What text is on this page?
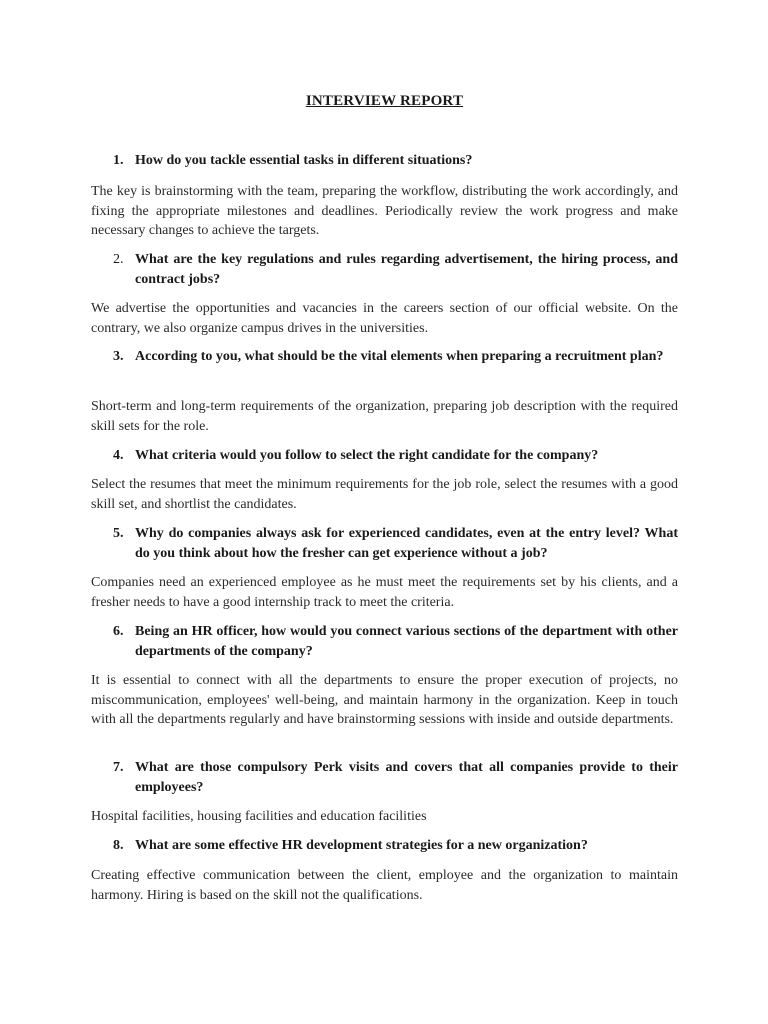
INTERVIEW REPORT
1. How do you tackle essential tasks in different situations?
The key is brainstorming with the team, preparing the workflow, distributing the work accordingly, and fixing the appropriate milestones and deadlines. Periodically review the work progress and make necessary changes to achieve the targets.
2. What are the key regulations and rules regarding advertisement, the hiring process, and contract jobs?
We advertise the opportunities and vacancies in the careers section of our official website. On the contrary, we also organize campus drives in the universities.
3. According to you, what should be the vital elements when preparing a recruitment plan?
Short-term and long-term requirements of the organization, preparing job description with the required skill sets for the role.
4. What criteria would you follow to select the right candidate for the company?
Select the resumes that meet the minimum requirements for the job role, select the resumes with a good skill set, and shortlist the candidates.
5. Why do companies always ask for experienced candidates, even at the entry level? What do you think about how the fresher can get experience without a job?
Companies need an experienced employee as he must meet the requirements set by his clients, and a fresher needs to have a good internship track to meet the criteria.
6. Being an HR officer, how would you connect various sections of the department with other departments of the company?
It is essential to connect with all the departments to ensure the proper execution of projects, no miscommunication, employees' well-being, and maintain harmony in the organization. Keep in touch with all the departments regularly and have brainstorming sessions with inside and outside departments.
7. What are those compulsory Perk visits and covers that all companies provide to their employees?
Hospital facilities, housing facilities and education facilities
8. What are some effective HR development strategies for a new organization?
Creating effective communication between the client, employee and the organization to maintain harmony. Hiring is based on the skill not the qualifications.
